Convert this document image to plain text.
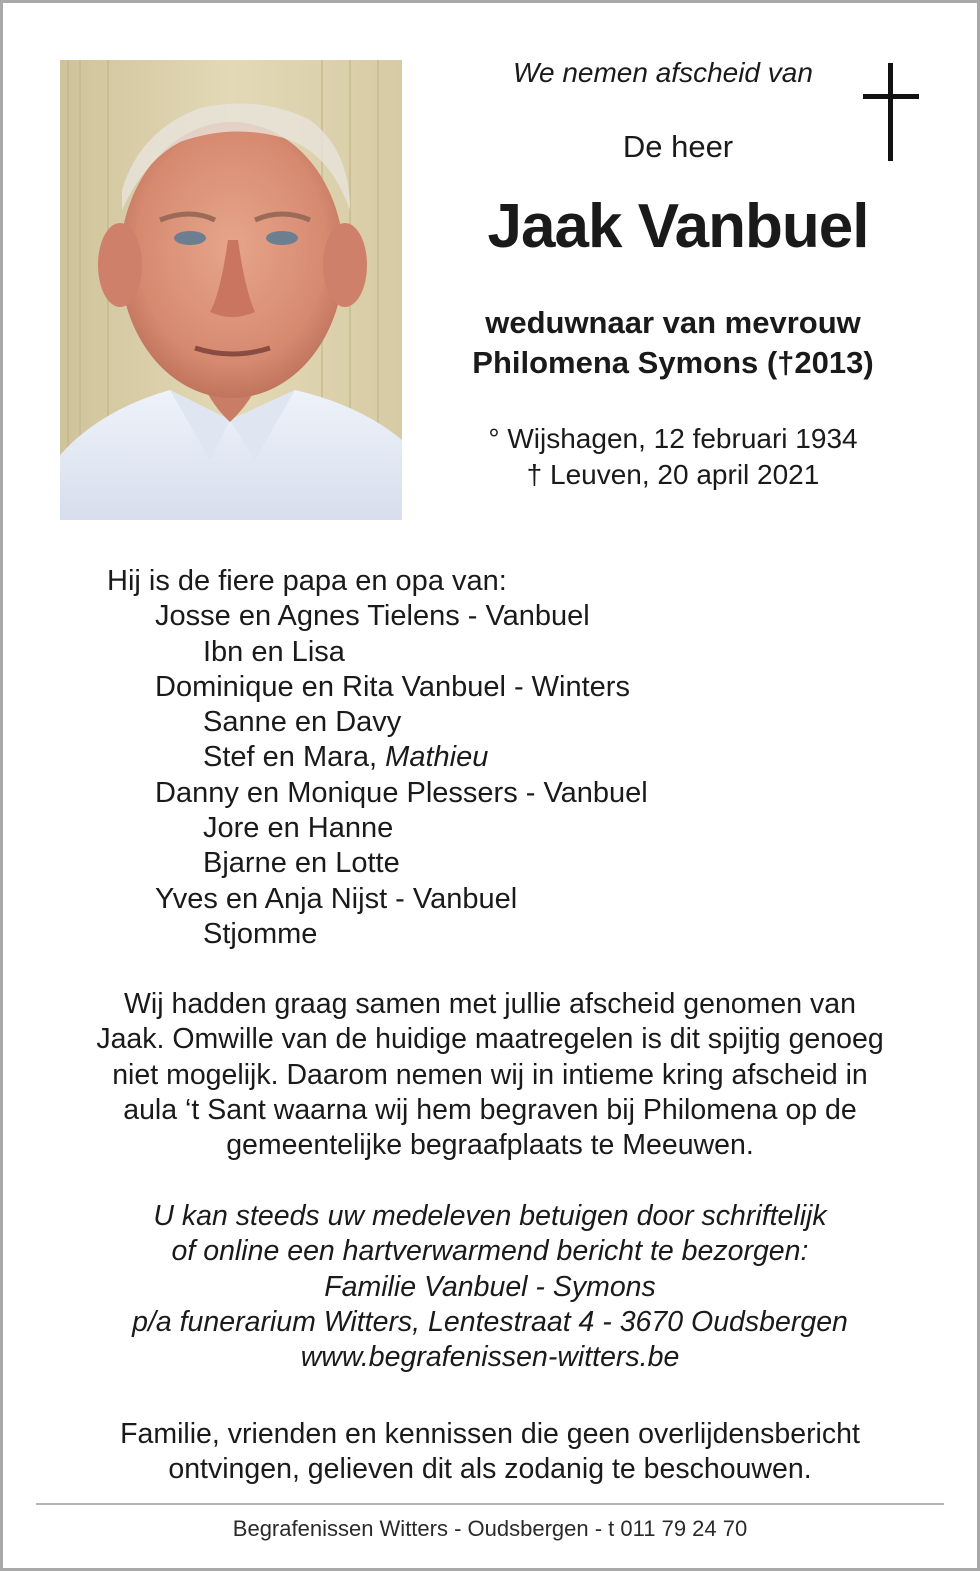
We nemen afscheid van
De heer
Jaak Vanbuel
weduwnaar van mevrouw
Philomena Symons (†2013)
° Wijshagen, 12 februari 1934
† Leuven, 20 april 2021
Hij is de fiere papa en opa van:
Josse en Agnes Tielens - Vanbuel
Ibn en Lisa
Dominique en Rita Vanbuel - Winters
Sanne en Davy
Stef en Mara, Mathieu
Danny en Monique Plessers - Vanbuel
Jore en Hanne
Bjarne en Lotte
Yves en Anja Nijst - Vanbuel
Stjomme
Wij hadden graag samen met jullie afscheid genomen van
Jaak. Omwille van de huidige maatregelen is dit spijtig genoeg
niet mogelijk. Daarom nemen wij in intieme kring afscheid in
aula ‘t Sant waarna wij hem begraven bij Philomena op de
gemeentelijke begraafplaats te Meeuwen.
U kan steeds uw medeleven betuigen door schriftelijk
of online een hartverwarmend bericht te bezorgen:
Familie Vanbuel - Symons
p/a funerarium Witters, Lentestraat 4 - 3670 Oudsbergen
www.begrafenissen-witters.be
Familie, vrienden en kennissen die geen overlijdensbericht
ontvingen, gelieven dit als zodanig te beschouwen.
Begrafenissen Witters - Oudsbergen - t 011 79 24 70
